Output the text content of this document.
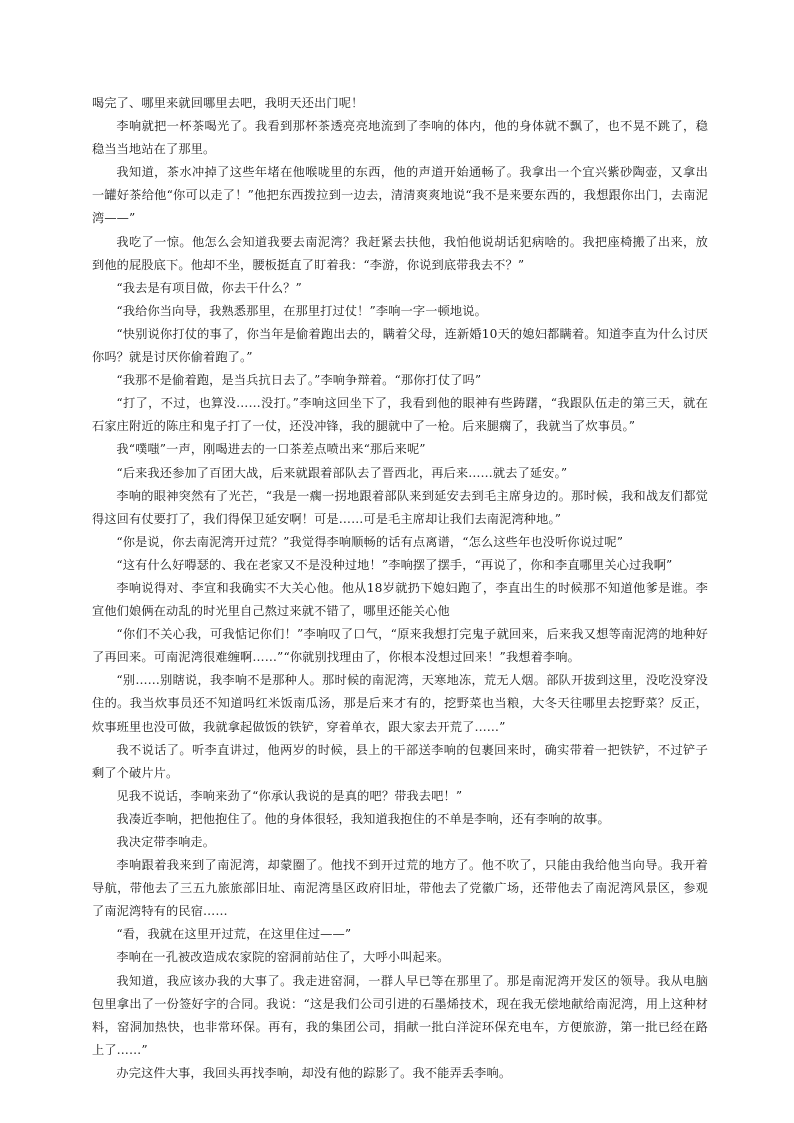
喝完了、哪里来就回哪里去吧，我明天还出门呢！

李响就把一杯茶喝光了。我看到那杯茶透亮亮地流到了李响的体内，他的身体就不飘了，也不晃不跳了，稳稳当当地站在了那里。

我知道，茶水冲掉了这些年堵在他喉咙里的东西，他的声道开始通畅了。我拿出一个宜兴紫砂陶壶，又拿出一罐好茶给他“你可以走了！”他把东西拨拉到一边去，清清爽爽地说“我不是来要东西的，我想跟你出门，去南泥湾——”

我吃了一惊。他怎么会知道我要去南泥湾？我赶紧去扶他，我怕他说胡话犯病啥的。我把座椅搬了出来，放到他的屁股底下。他却不坐，腰板挺直了盯着我：“李游，你说到底带我去不？”

“我去是有项目做，你去干什么？”

“我给你当向导，我熟悉那里，在那里打过仗！”李响一字一顿地说。

“快别说你打仗的事了，你当年是偷着跑出去的，瞒着父母，连新婚10天的媳妇都瞒着。知道李直为什么讨厌你吗？就是讨厌你偷着跑了。”

“我那不是偷着跑，是当兵抗日去了。”李响争辩着。“那你打仗了吗”

“打了，不过，也算没……没打。”李响这回坐下了，我看到他的眼神有些踌躇，“我跟队伍走的第三天，就在石家庄附近的陈庄和鬼子打了一仗，还没冲锋，我的腿就中了一枪。后来腿瘸了，我就当了炊事员。”

我“噗嗤”一声，刚喝进去的一口茶差点喷出来“那后来呢”

“后来我还参加了百团大战，后来就跟着部队去了晋西北，再后来……就去了延安。”

李响的眼神突然有了光芒，“我是一瘸一拐地跟着部队来到延安去到毛主席身边的。那时候，我和战友们都觉得这回有仗要打了，我们得保卫延安啊！可是……可是毛主席却让我们去南泥湾种地。”

“你是说，你去南泥湾开过荒？”我觉得李响顺畅的话有点离谱，“怎么这些年也没听你说过呢”

“这有什么好嘚瑟的、我在老家又不是没种过地！”李响摆了摆手，“再说了，你和李直哪里关心过我啊”

李响说得对、李宣和我确实不大关心他。他从18岁就扔下媳妇跑了，李直出生的时候那不知道他爹是谁。李宣他们娘俩在动乱的时光里自己熬过来就不错了，哪里还能关心他

“你们不关心我，可我惦记你们！”李响叹了口气，“原来我想打完鬼子就回来，后来我又想等南泥湾的地种好了再回来。可南泥湾很难缠啊……”“你就别找理由了，你根本没想过回来！”我想着李响。

“别……别瞎说，我李响不是那种人。那时候的南泥湾，天寒地冻，荒无人烟。部队开拔到这里，没吃没穿没住的。我当炊事员还不知道吗红米饭南瓜汤，那是后来才有的，挖野菜也当粮，大冬天往哪里去挖野菜？反正，炊事班里也没可做，我就拿起做饭的铁铲，穿着单衣，跟大家去开荒了……”

我不说话了。听李直讲过，他两岁的时候，县上的干部送李响的包裹回来时，确实带着一把铁铲，不过铲子剩了个破片片。

见我不说话，李响来劲了“你承认我说的是真的吧？带我去吧！”

我凑近李响，把他抱住了。他的身体很轻，我知道我抱住的不单是李响，还有李响的故事。

我决定带李响走。

李响跟着我来到了南泥湾，却蒙圈了。他找不到开过荒的地方了。他不吹了，只能由我给他当向导。我开着导航，带他去了三五九旅旅部旧址、南泥湾垦区政府旧址，带他去了党徽广场，还带他去了南泥湾风景区，参观了南泥湾特有的民宿……

“看，我就在这里开过荒，在这里住过——”

李响在一孔被改造成农家院的窑洞前站住了，大呼小叫起来。

我知道，我应该办我的大事了。我走进窑洞，一群人早已等在那里了。那是南泥湾开发区的领导。我从电脑包里拿出了一份签好字的合同。我说：“这是我们公司引进的石墨烯技术，现在我无偿地献给南泥湾，用上这种材料，窑洞加热快，也非常环保。再有，我的集团公司，捐献一批白洋淀环保充电车，方便旅游，第一批已经在路上了……”

办完这件大事，我回头再找李响，却没有他的踪影了。我不能弄丢李响。
